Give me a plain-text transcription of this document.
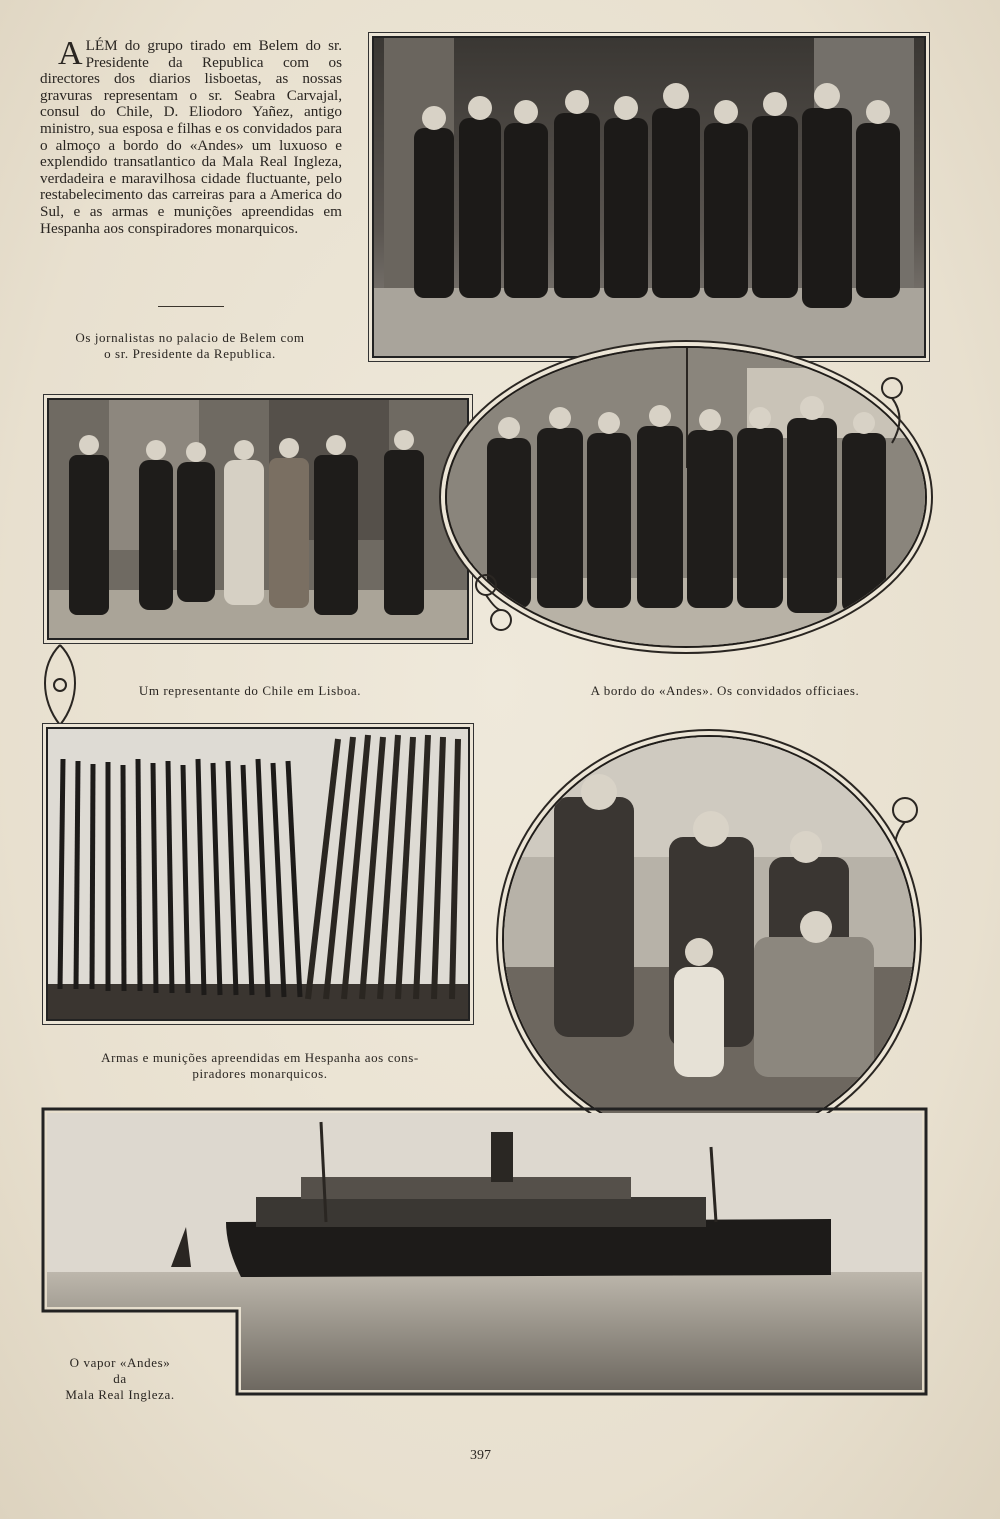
ALÉM do grupo tirado em Belem do sr. Presidente da Republica com os directores dos diarios lisboetas, as nossas gravuras representam o sr. Seabra Carvajal, consul do Chile, D. Eliodoro Yañez, antigo ministro, sua esposa e filhas e os convidados para o almoço a bordo do «Andes» um luxuoso e explendido transatlantico da Mala Real Ingleza, verdadeira e maravilhosa cidade fluctuante, pelo restabelecimento das carreiras para a America do Sul, e as armas e munições apreendidas em Hespanha aos conspiradores monarquicos.
Os jornalistas no palacio de Belem com
o sr. Presidente da Republica.
Um representante do Chile em Lisboa.	A bordo do «Andes». Os convidados officiaes.
Armas e munições apreendidas em Hespanha aos cons-
piradores monarquicos.
O vapor «Andes»
da
Mala Real Ingleza.
397
